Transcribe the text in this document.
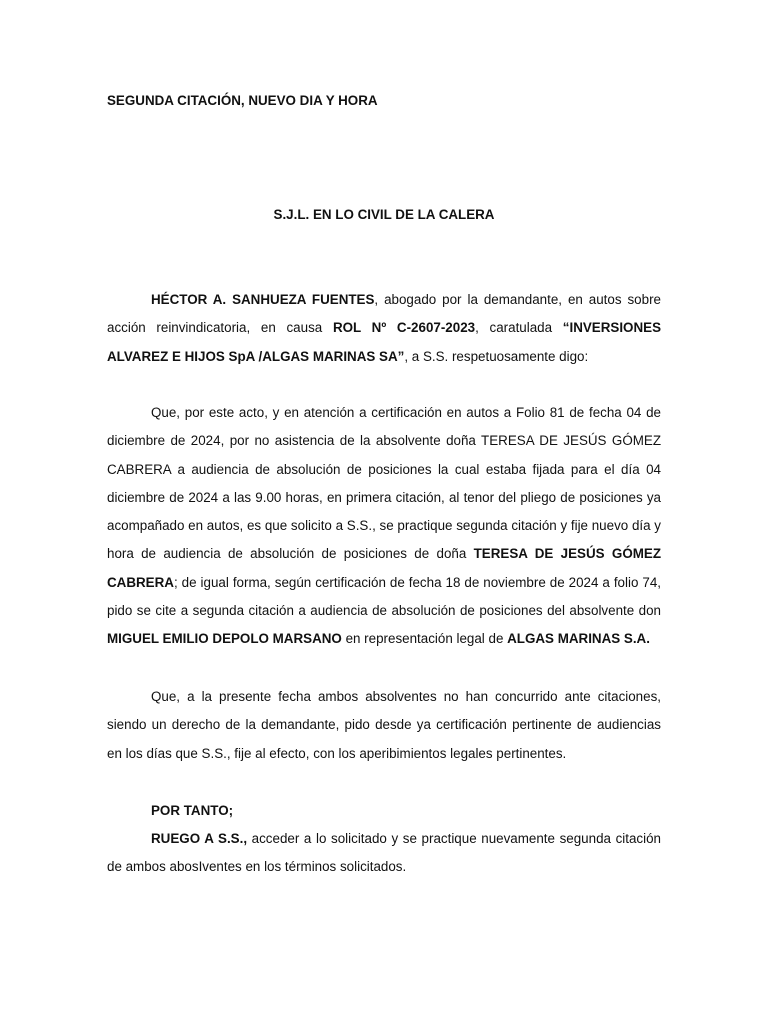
SEGUNDA CITACIÓN, NUEVO DIA Y HORA
S.J.L. EN LO CIVIL DE LA CALERA

HÉCTOR A. SANHUEZA FUENTES, abogado por la demandante, en autos sobre acción reinvindicatoria, en causa ROL Nº C-2607-2023, caratulada “INVERSIONES ALVAREZ E HIJOS SpA /ALGAS MARINAS SA”, a S.S. respetuosamente digo:

Que, por este acto, y en atención a certificación en autos a Folio 81 de fecha 04 de diciembre de 2024, por no asistencia de la absolvente doña TERESA DE JESÚS GÓMEZ CABRERA a audiencia de absolución de posiciones la cual estaba fijada para el día 04 diciembre de 2024 a las 9.00 horas, en primera citación, al tenor del pliego de posiciones ya acompañado en autos, es que solicito a S.S., se practique segunda citación y fije nuevo día y hora de audiencia de absolución de posiciones de doña TERESA DE JESÚS GÓMEZ CABRERA; de igual forma, según certificación de fecha 18 de noviembre de 2024 a folio 74, pido se cite a segunda citación a audiencia de absolución de posiciones del absolvente don MIGUEL EMILIO DEPOLO MARSANO en representación legal de ALGAS MARINAS S.A.

Que, a la presente fecha ambos absolventes no han concurrido ante citaciones, siendo un derecho de la demandante, pido desde ya certificación pertinente de audiencias en los días que S.S., fije al efecto, con los aperibimientos legales pertinentes.

POR TANTO;

RUEGO A S.S., acceder a lo solicitado y se practique nuevamente segunda citación de ambos abosIventes en los términos solicitados.
